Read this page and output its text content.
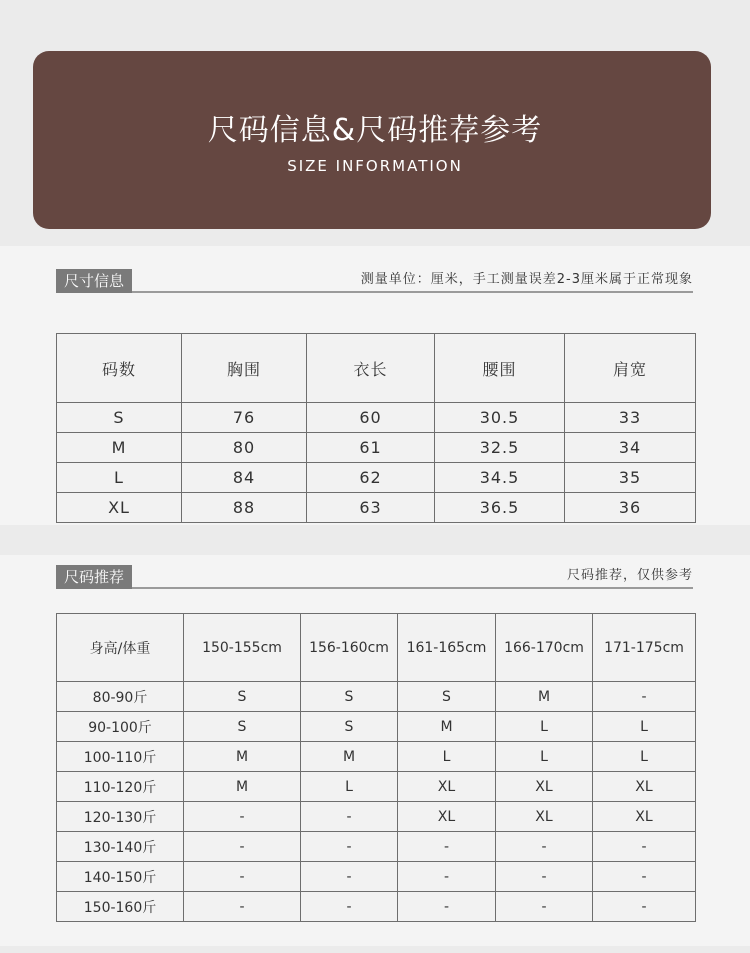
尺码信息&尺码推荐参考
SIZE INFORMATION
尺寸信息	测量单位：厘米，手工测量误差2-3厘米属于正常现象
码数	胸围	衣长	腰围	肩宽
S	76	60	30.5	33
M	80	61	32.5	34
L	84	62	34.5	35
XL	88	63	36.5	36
尺码推荐	尺码推荐，仅供参考
身高/体重	150-155cm	156-160cm	161-165cm	166-170cm	171-175cm
80-90斤	S	S	S	M	-
90-100斤	S	S	M	L	L
100-110斤	M	M	L	L	L
110-120斤	M	L	XL	XL	XL
120-130斤	-	-	XL	XL	XL
130-140斤	-	-	-	-	-
140-150斤	-	-	-	-	-
150-160斤	-	-	-	-	-
